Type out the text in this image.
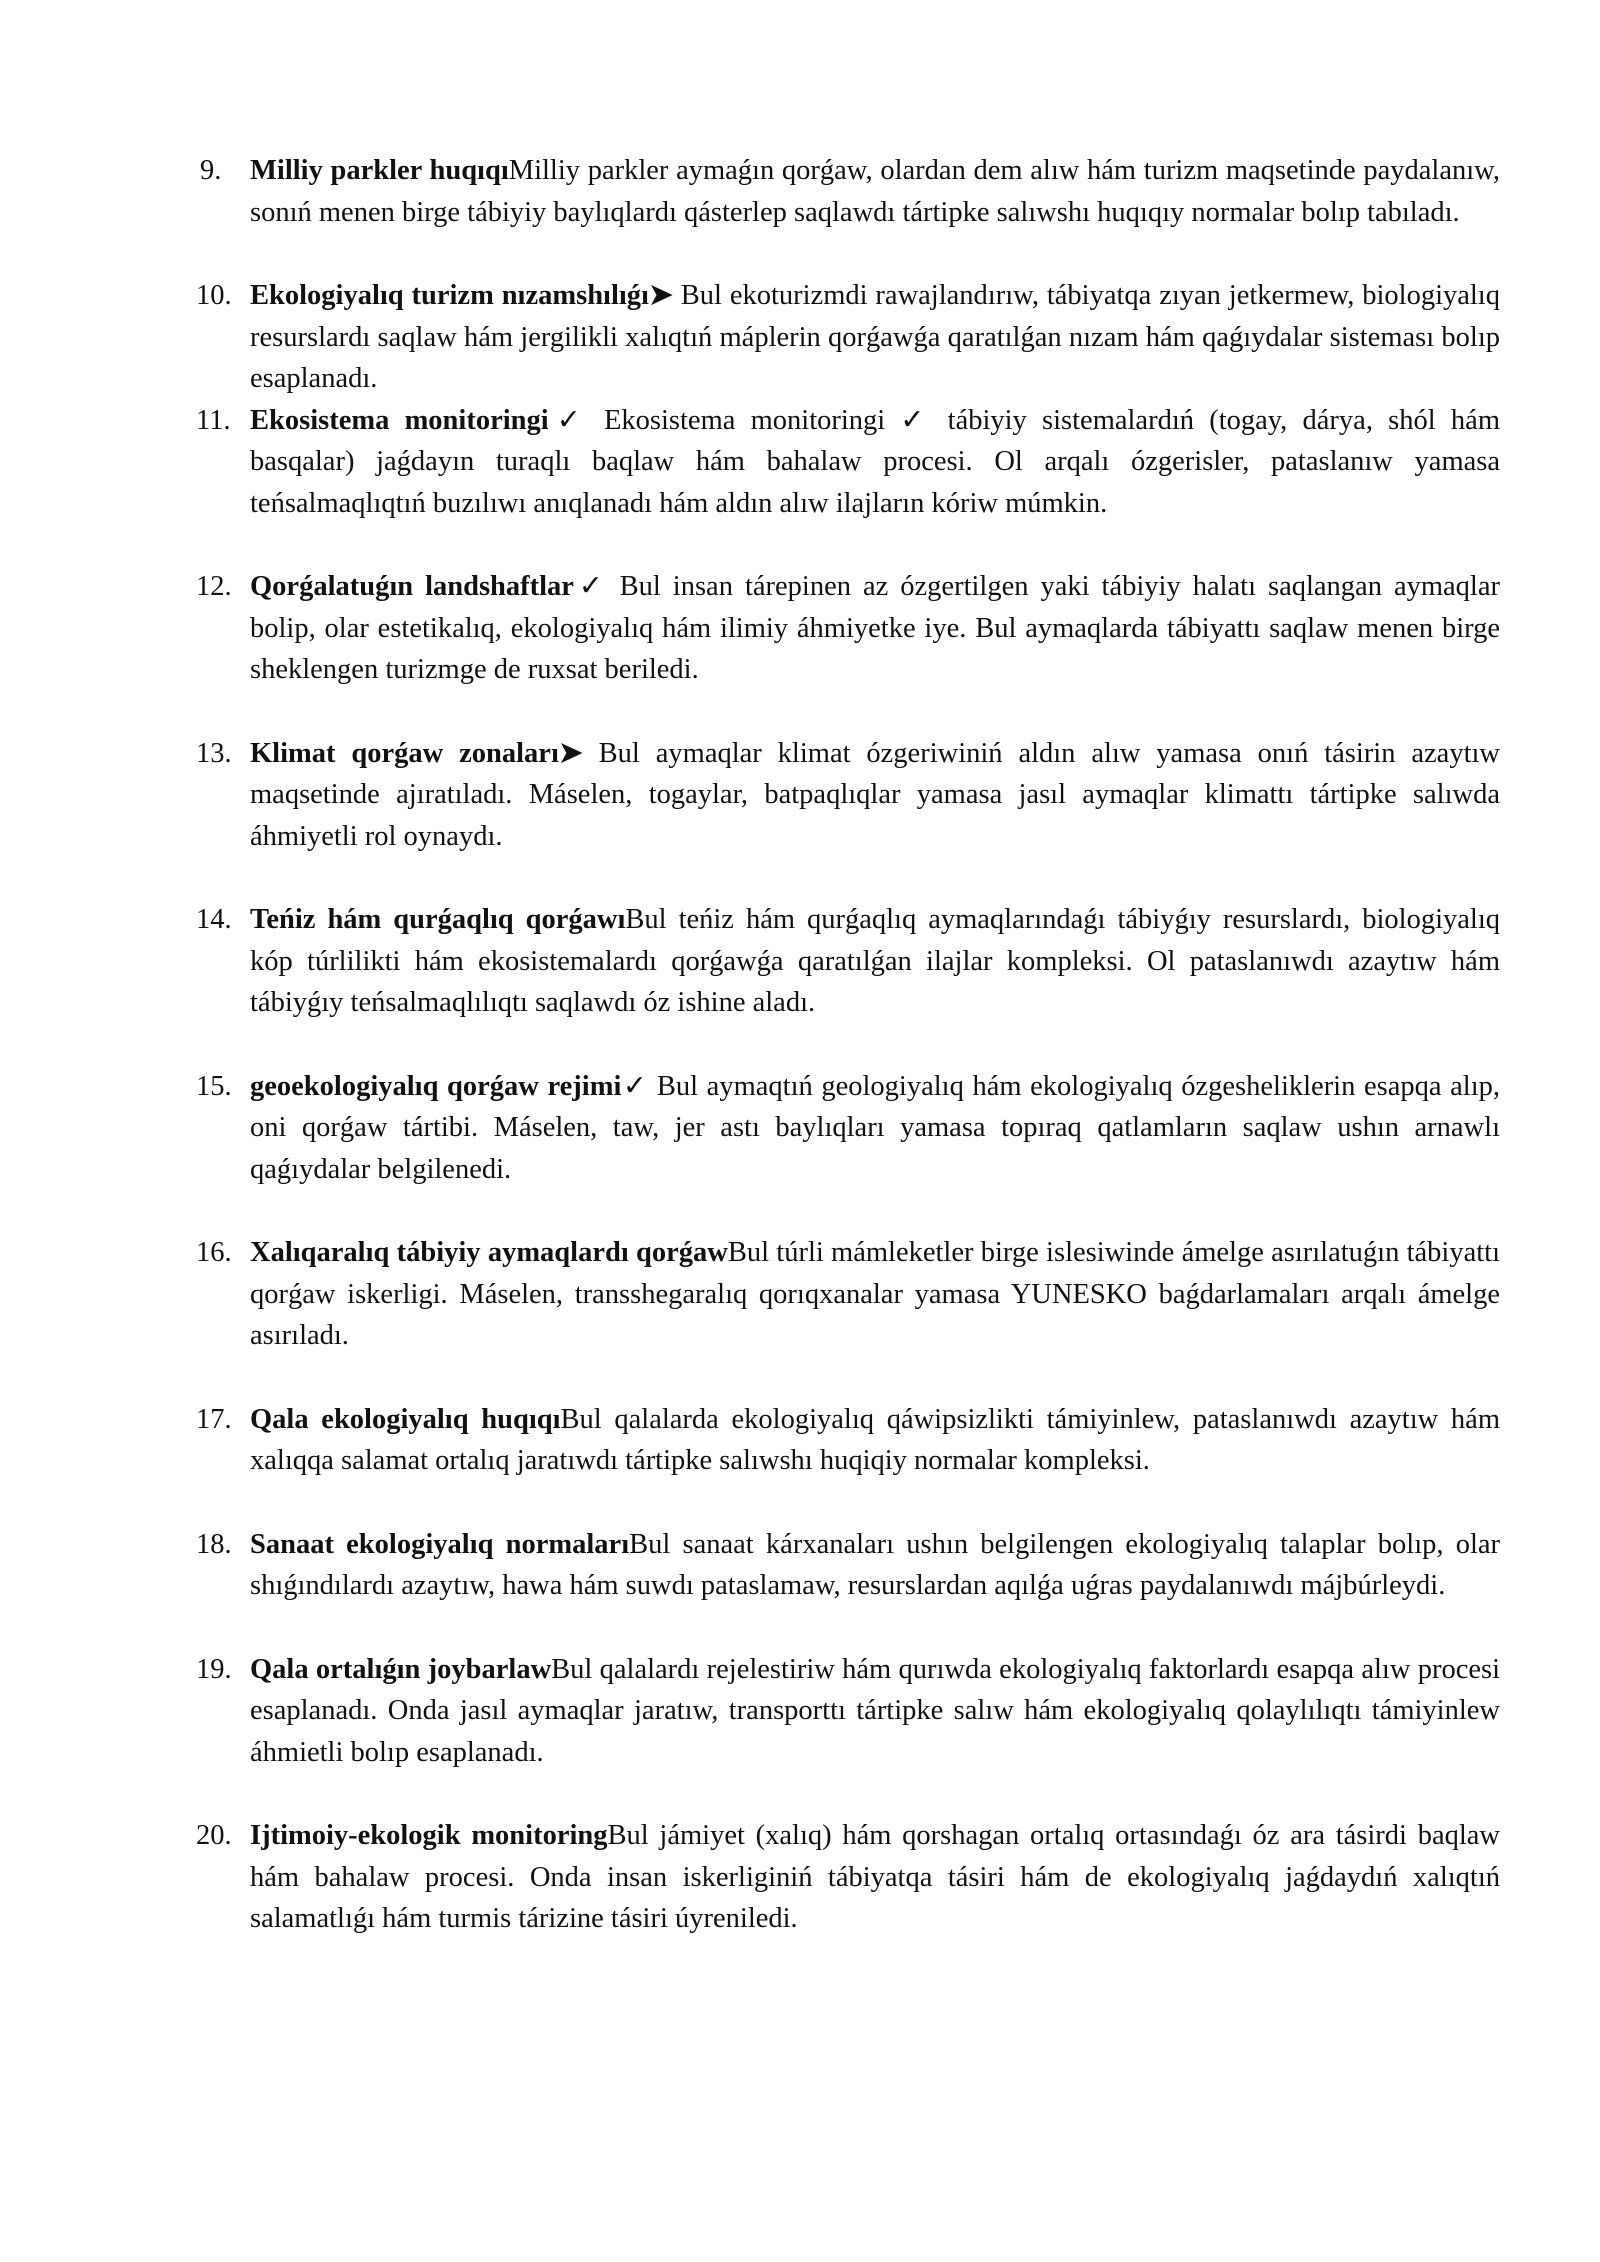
9.	Milliy parkler huqıqıMilliy parkler aymaǵın qorǵaw, olardan dem alıw hám turizm maqsetinde paydalanıw, sonıń menen birge tábiyiy baylıqlardı qásterlep saqlawdı tártipke salıwshı huqıqıy normalar bolıp tabıladı.
10. Ekologiyalıq turizm nızamshılıǵı➤ Bul ekoturizmdi rawajlandırıw, tábiyatqa zıyan jetkermew, biologiyalıq resurslardı saqlaw hám jergilikli xalıqtıń máplerin qorǵawǵa qaratılǵan nızam hám qaǵıydalar sisteması bolıp esaplanadı.
11. Ekosistema monitoringi✓ Ekosistema monitoringi ✓ tábiyiy sistemalardıń (togay, dárya, shól hám basqalar) jaǵdayın turaqlı baqlaw hám bahalaw procesi. Ol arqalı ózgerisler, pataslanıw yamasa teńsalmaqlıqtıń buzılıwı anıqlanadı hám aldın alıw ilajların kóriw múmkin.
12. Qorǵalatuǵın landshaftlar✓ Bul insan tárepinen az ózgertilgen yaki tábiyiy halatı saqlangan aymaqlar bolip, olar estetikalıq, ekologiyalıq hám ilimiy áhmiyetke iye. Bul aymaqlarda tábiyattı saqlaw menen birge sheklengen turizmge de ruxsat beriledi.
13. Klimat qorǵaw zonaları➤ Bul aymaqlar klimat ózgeriwiniń aldın alıw yamasa onıń tásirin azaytıw maqsetinde ajıratıladı. Máselen, togaylar, batpaqlıqlar yamasa jasıl aymaqlar klimattı tártipke salıwda áhmiyetli rol oynaydı.
14. Teńiz hám qurǵaqlıq qorǵawıBul teńiz hám qurǵaqlıq aymaqlarındaǵı tábiyǵıy resurslardı, biologiyalıq kóp túrlilikti hám ekosistemalardı qorǵawǵa qaratılǵan ilajlar kompleksi. Ol pataslanıwdı azaytıw hám tábiyǵıy teńsalmaqlılıqtı saqlawdı óz ishine aladı.
15. geoekologiyalıq qorǵaw rejimi✓ Bul aymaqtıń geologiyalıq hám ekologiyalıq ózgesheliklerin esapqa alıp, oni qorǵaw tártibi. Máselen, taw, jer astı baylıqları yamasa topıraq qatlamların saqlaw ushın arnawlı qaǵıydalar belgilenedi.
16. Xalıqaralıq tábiyiy aymaqlardı qorǵawBul túrli mámleketler birge islesiwinde ámelge asırılatuǵın tábiyattı qorǵaw iskerligi. Máselen, transshegaralıq qorıqxanalar yamasa YUNESKO baǵdarlamaları arqalı ámelge asırıladı.
17. Qala ekologiyalıq huqıqıBul qalalarda ekologiyalıq qáwipsizlikti támiyinlew, pataslanıwdı azaytıw hám xalıqqa salamat ortalıq jaratıwdı tártipke salıwshı huqiqiy normalar kompleksi.
18. Sanaat ekologiyalıq normalarıBul sanaat kárxanaları ushın belgilengen ekologiyalıq talaplar bolıp, olar shıǵındılardı azaytıw, hawa hám suwdı pataslamaw, resurslardan aqılǵa uǵras paydalanıwdı májbúrleydi.
19. Qala ortalıǵın joybarlawBul qalalardı rejelestiriw hám qurıwda ekologiyalıq faktorlardı esapqa alıw procesi esaplanadı. Onda jasıl aymaqlar jaratıw, transporttı tártipke salıw hám ekologiyalıq qolaylılıqtı támiyinlew áhmietli bolıp esaplanadı.
20. Ijtimoiy-ekologik monitoringBul jámiyet (xalıq) hám qorshagan ortalıq ortasındaǵı óz ara tásirdi baqlaw hám bahalaw procesi. Onda insan iskerliginiń tábiyatqa tásiri hám de ekologiyalıq jaǵdaydıń xalıqtıń salamatlıǵı hám turmis tárizine tásiri úyreniledi.
